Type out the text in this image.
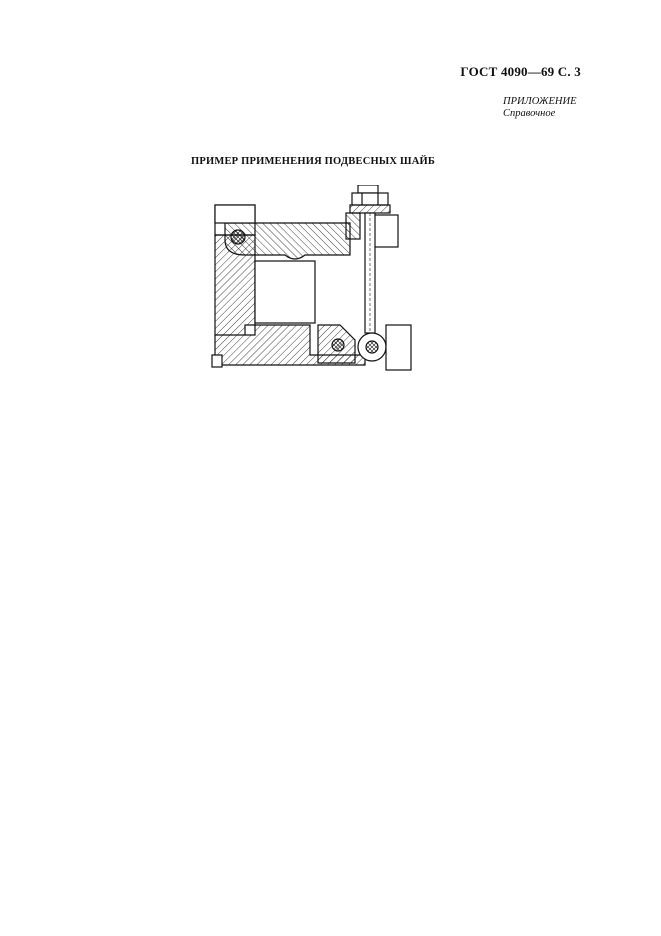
ГОСТ 4090—69 С. 3
ПРИЛОЖЕНИЕ
Справочное
ПРИМЕР ПРИМЕНЕНИЯ ПОДВЕСНЫХ ШАЙБ
